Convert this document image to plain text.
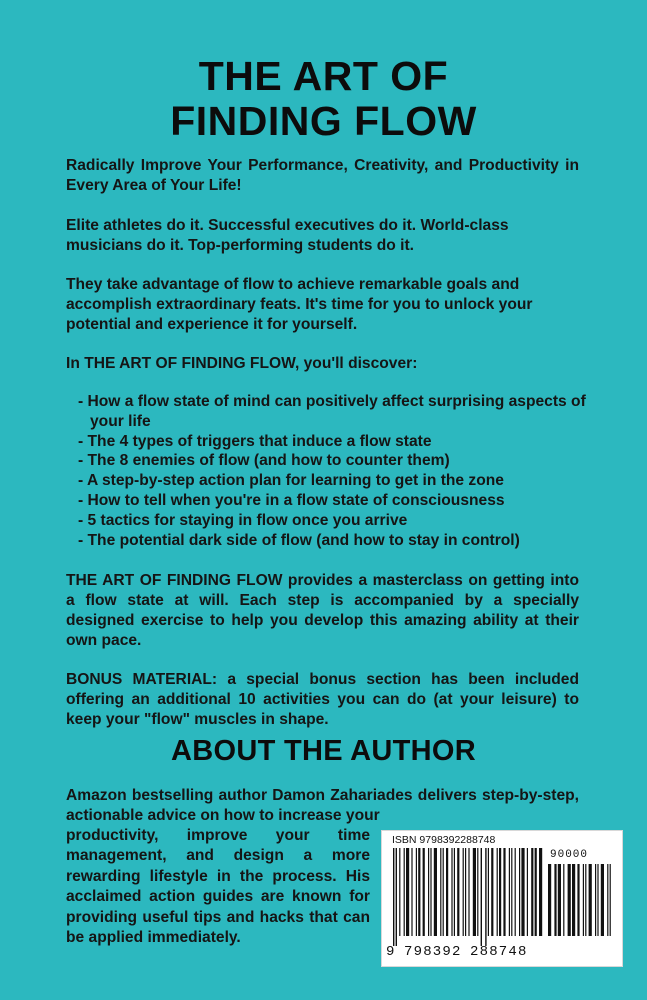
THE ART OF
FINDING FLOW
Radically Improve Your Performance, Creativity, and Productivity in Every Area of Your Life!
Elite athletes do it. Successful executives do it. World-class musicians do it. Top-performing students do it.
They take advantage of flow to achieve remarkable goals and accomplish extraordinary feats. It's time for you to unlock your potential and experience it for yourself.
In THE ART OF FINDING FLOW, you'll discover:
- How a flow state of mind can positively affect surprising aspects of your life
- The 4 types of triggers that induce a flow state
- The 8 enemies of flow (and how to counter them)
- A step-by-step action plan for learning to get in the zone
- How to tell when you're in a flow state of consciousness
- 5 tactics for staying in flow once you arrive
- The potential dark side of flow (and how to stay in control)
THE ART OF FINDING FLOW provides a masterclass on getting into a flow state at will. Each step is accompanied by a specially designed exercise to help you develop this amazing ability at their own pace.
BONUS MATERIAL: a special bonus section has been included offering an additional 10 activities you can do (at your leisure) to keep your "flow" muscles in shape.
ABOUT THE AUTHOR
Amazon bestselling author Damon Zahariades delivers step-by-step, actionable advice on how to increase your
productivity, improve your time management, and design a more rewarding lifestyle in the process. His acclaimed action guides are known for providing useful tips and hacks that can be applied immediately.
ISBN 9798392288748
90000
9 798392 288748
